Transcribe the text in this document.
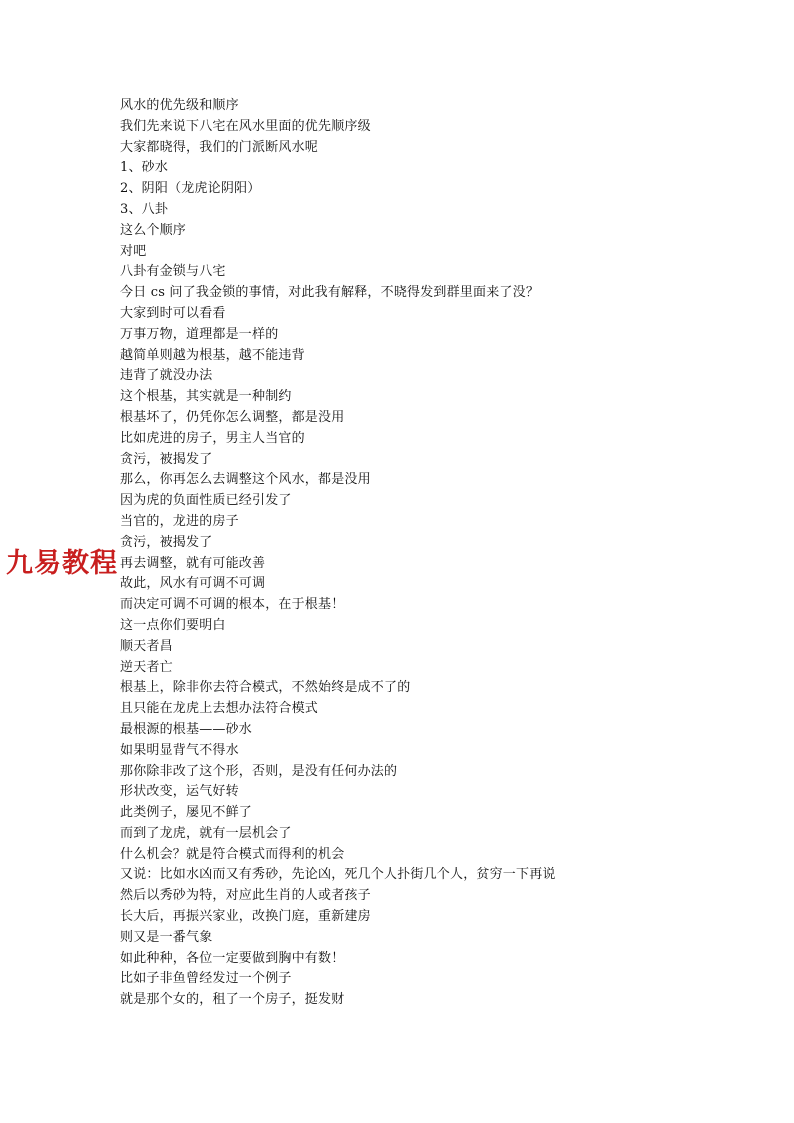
风水的优先级和顺序
我们先来说下八宅在风水里面的优先顺序级
大家都晓得，我们的门派断风水呢
1、砂水
2、阴阳（龙虎论阴阳）
3、八卦
这么个顺序
对吧
八卦有金锁与八宅
今日 cs 问了我金锁的事情，对此我有解释，不晓得发到群里面来了没？
大家到时可以看看
万事万物，道理都是一样的
越简单则越为根基，越不能违背
违背了就没办法
这个根基，其实就是一种制约
根基坏了，仍凭你怎么调整，都是没用
比如虎进的房子，男主人当官的
贪污，被揭发了
那么，你再怎么去调整这个风水，都是没用
因为虎的负面性质已经引发了
当官的，龙进的房子
贪污，被揭发了
再去调整，就有可能改善
故此，风水有可调不可调
而决定可调不可调的根本，在于根基！
这一点你们要明白
顺天者昌
逆天者亡
根基上，除非你去符合模式，不然始终是成不了的
且只能在龙虎上去想办法符合模式
最根源的根基——砂水
如果明显背气不得水
那你除非改了这个形，否则，是没有任何办法的
形状改变，运气好转
此类例子，屡见不鲜了
而到了龙虎，就有一层机会了
什么机会？就是符合模式而得利的机会
又说：比如水凶而又有秀砂，先论凶，死几个人扑街几个人，贫穷一下再说
然后以秀砂为特，对应此生肖的人或者孩子
长大后，再振兴家业，改换门庭，重新建房
则又是一番气象
如此种种，各位一定要做到胸中有数！
比如子非鱼曾经发过一个例子
就是那个女的，租了一个房子，挺发财
九易教程
